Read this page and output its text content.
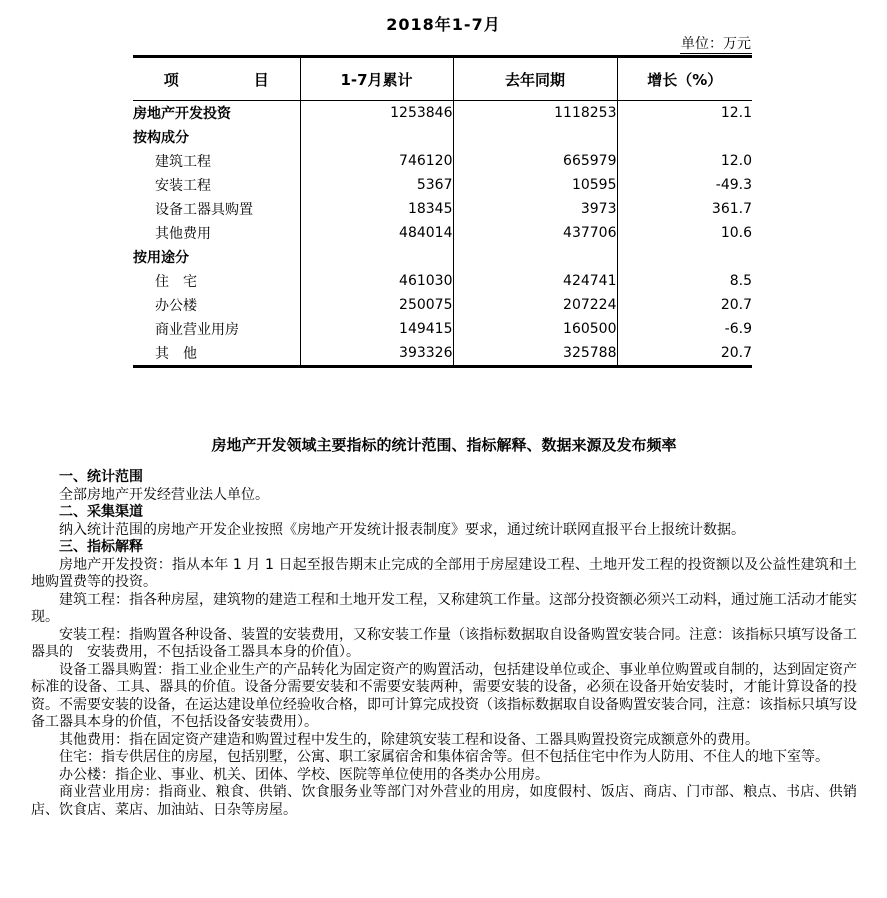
2018年1-7月
单位：万元
项　　　　　目	1-7月累计	去年同期	增长（%）
房地产开发投资	1253846	1118253	12.1
按构成分			
建筑工程	746120	665979	12.0
安装工程	5367	10595	-49.3
设备工器具购置	18345	3973	361.7
其他费用	484014	437706	10.6
按用途分			
住　宅	461030	424741	8.5
办公楼	250075	207224	20.7
商业营业用房	149415	160500	-6.9
其　他	393326	325788	20.7
房地产开发领域主要指标的统计范围、指标解释、数据来源及发布频率

一、统计范围

全部房地产开发经营业法人单位。

二、采集渠道

纳入统计范围的房地产开发企业按照《房地产开发统计报表制度》要求，通过统计联网直报平台上报统计数据。

三、指标解释

房地产开发投资：指从本年 1 月 1 日起至报告期末止完成的全部用于房屋建设工程、土地开发工程的投资额以及公益性建筑和土地购置费等的投资。

建筑工程：指各种房屋，建筑物的建造工程和土地开发工程，又称建筑工作量。这部分投资额必须兴工动料，通过施工活动才能实现。

安装工程：指购置各种设备、装置的安装费用，又称安装工作量（该指标数据取自设备购置安装合同。注意：该指标只填写设备工器具的　安装费用，不包括设备工器具本身的价值）。

设备工器具购置：指工业企业生产的产品转化为固定资产的购置活动，包括建设单位或企、事业单位购置或自制的，达到固定资产标准的设备、工具、器具的价值。设备分需要安装和不需要安装两种，需要安装的设备，必须在设备开始安装时，才能计算设备的投资。不需要安装的设备，在运达建设单位经验收合格，即可计算完成投资（该指标数据取自设备购置安装合同，注意：该指标只填写设备工器具本身的价值，不包括设备安装费用）。

其他费用：指在固定资产建造和购置过程中发生的，除建筑安装工程和设备、工器具购置投资完成额意外的费用。

住宅：指专供居住的房屋，包括别墅，公寓、职工家属宿舍和集体宿舍等。但不包括住宅中作为人防用、不住人的地下室等。

办公楼：指企业、事业、机关、团体、学校、医院等单位使用的各类办公用房。

商业营业用房：指商业、粮食、供销、饮食服务业等部门对外营业的用房，如度假村、饭店、商店、门市部、粮点、书店、供销店、饮食店、菜店、加油站、日杂等房屋。
